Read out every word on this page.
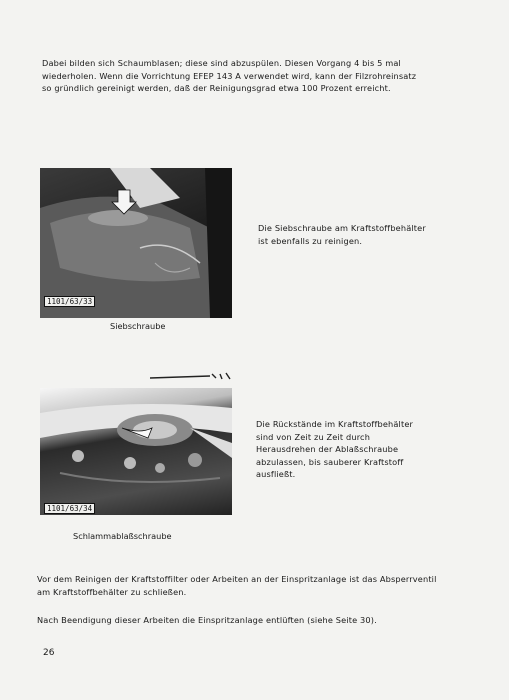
Dabei bilden sich Schaumblasen; diese sind abzuspülen. Diesen Vorgang 4 bis 5 mal wiederholen. Wenn die Vorrichtung EFEP 143 A verwendet wird, kann der Filzrohreinsatz so gründlich gereinigt werden, daß der Reinigungsgrad etwa 100 Prozent erreicht.
1101/63/33
Siebschraube
Die Siebschraube am Kraftstoffbehälter ist ebenfalls zu reinigen.
1101/63/34
Schlammablaßschraube
Die Rückstände im Kraftstoffbehälter sind von Zeit zu Zeit durch Herausdrehen der Ablaßschraube abzulassen, bis sauberer Kraftstoff ausfließt.
Vor dem Reinigen der Kraftstoffilter oder Arbeiten an der Einspritzanlage ist das Absperrventil am Kraftstoffbehälter zu schließen.
Nach Beendigung dieser Arbeiten die Einspritzanlage entlüften (siehe Seite 30).
26
